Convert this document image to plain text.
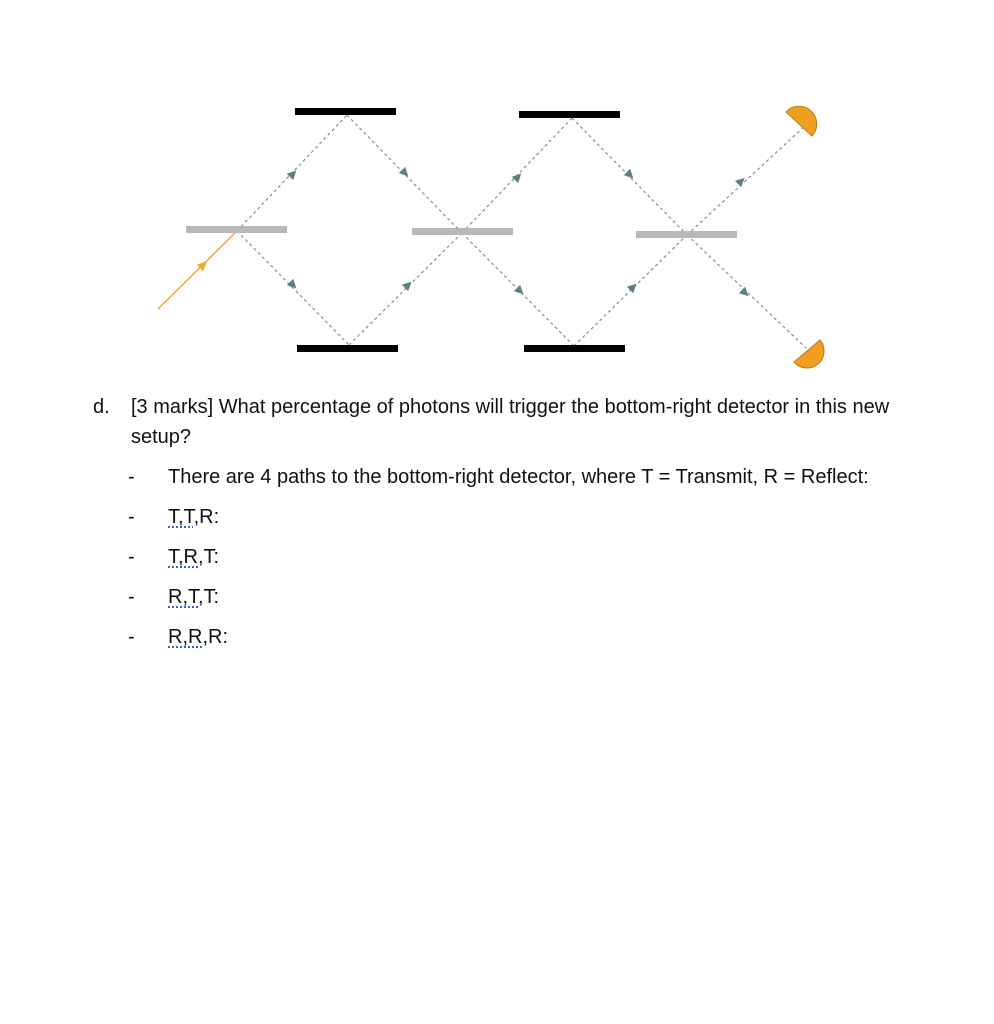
d. [3 marks] What percentage of photons will trigger the bottom-right detector in this new setup?
- There are 4 paths to the bottom-right detector, where T = Transmit, R = Reflect:
- T,T,R:
- T,R,T:
- R,T,T:
- R,R,R:
